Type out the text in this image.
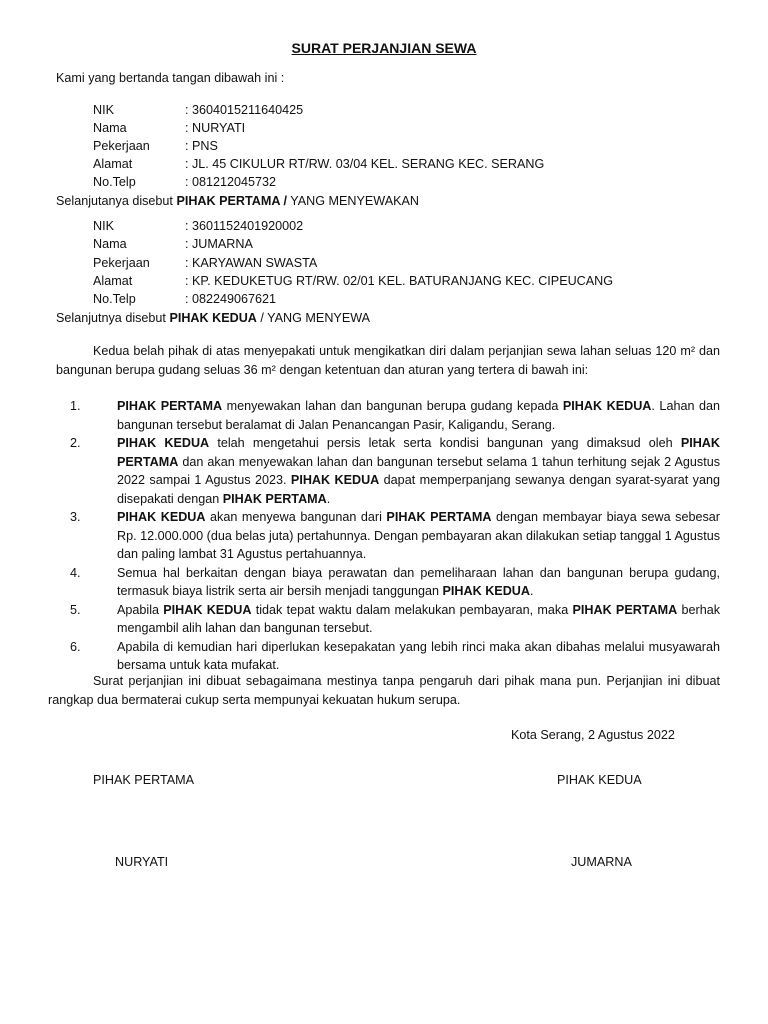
SURAT PERJANJIAN SEWA
Kami yang bertanda tangan dibawah ini :
NIK	: 3604015211640425
Nama	: NURYATI
Pekerjaan	: PNS
Alamat	: JL. 45 CIKULUR RT/RW. 03/04 KEL. SERANG KEC. SERANG
No.Telp	: 081212045732
Selanjutanya disebut PIHAK PERTAMA / YANG MENYEWAKAN
NIK	: 3601152401920002
Nama	: JUMARNA
Pekerjaan	: KARYAWAN SWASTA
Alamat	: KP. KEDUKETUG RT/RW. 02/01 KEL. BATURANJANG KEC. CIPEUCANG
No.Telp	: 082249067621
Selanjutnya disebut PIHAK KEDUA / YANG MENYEWA
Kedua belah pihak di atas menyepakati untuk mengikatkan diri dalam perjanjian sewa lahan seluas 120 m² dan bangunan berupa gudang seluas 36 m² dengan ketentuan dan aturan yang tertera di bawah ini:
1.	PIHAK PERTAMA menyewakan lahan dan bangunan berupa gudang kepada PIHAK KEDUA. Lahan dan bangunan tersebut beralamat di Jalan Penancangan Pasir, Kaligandu, Serang.
2.	PIHAK KEDUA telah mengetahui persis letak serta kondisi bangunan yang dimaksud oleh PIHAK PERTAMA dan akan menyewakan lahan dan bangunan tersebut selama 1 tahun terhitung sejak 2 Agustus 2022 sampai 1 Agustus 2023. PIHAK KEDUA dapat memperpanjang sewanya dengan syarat-syarat yang disepakati dengan PIHAK PERTAMA.
3.	PIHAK KEDUA akan menyewa bangunan dari PIHAK PERTAMA dengan membayar biaya sewa sebesar Rp. 12.000.000 (dua belas juta) pertahunnya. Dengan pembayaran akan dilakukan setiap tanggal 1 Agustus dan paling lambat 31 Agustus pertahuannya.
4.	Semua hal berkaitan dengan biaya perawatan dan pemeliharaan lahan dan bangunan berupa gudang, termasuk biaya listrik serta air bersih menjadi tanggungan PIHAK KEDUA.
5.	Apabila PIHAK KEDUA tidak tepat waktu dalam melakukan pembayaran, maka PIHAK PERTAMA berhak mengambil alih lahan dan bangunan tersebut.
6.	Apabila di kemudian hari diperlukan kesepakatan yang lebih rinci maka akan dibahas melalui musyawarah bersama untuk kata mufakat.
Surat perjanjian ini dibuat sebagaimana mestinya tanpa pengaruh dari pihak mana pun. Perjanjian ini dibuat rangkap dua bermaterai cukup serta mempunyai kekuatan hukum serupa.
Kota Serang, 2 Agustus 2022
PIHAK PERTAMA	PIHAK KEDUA
NURYATI	JUMARNA
